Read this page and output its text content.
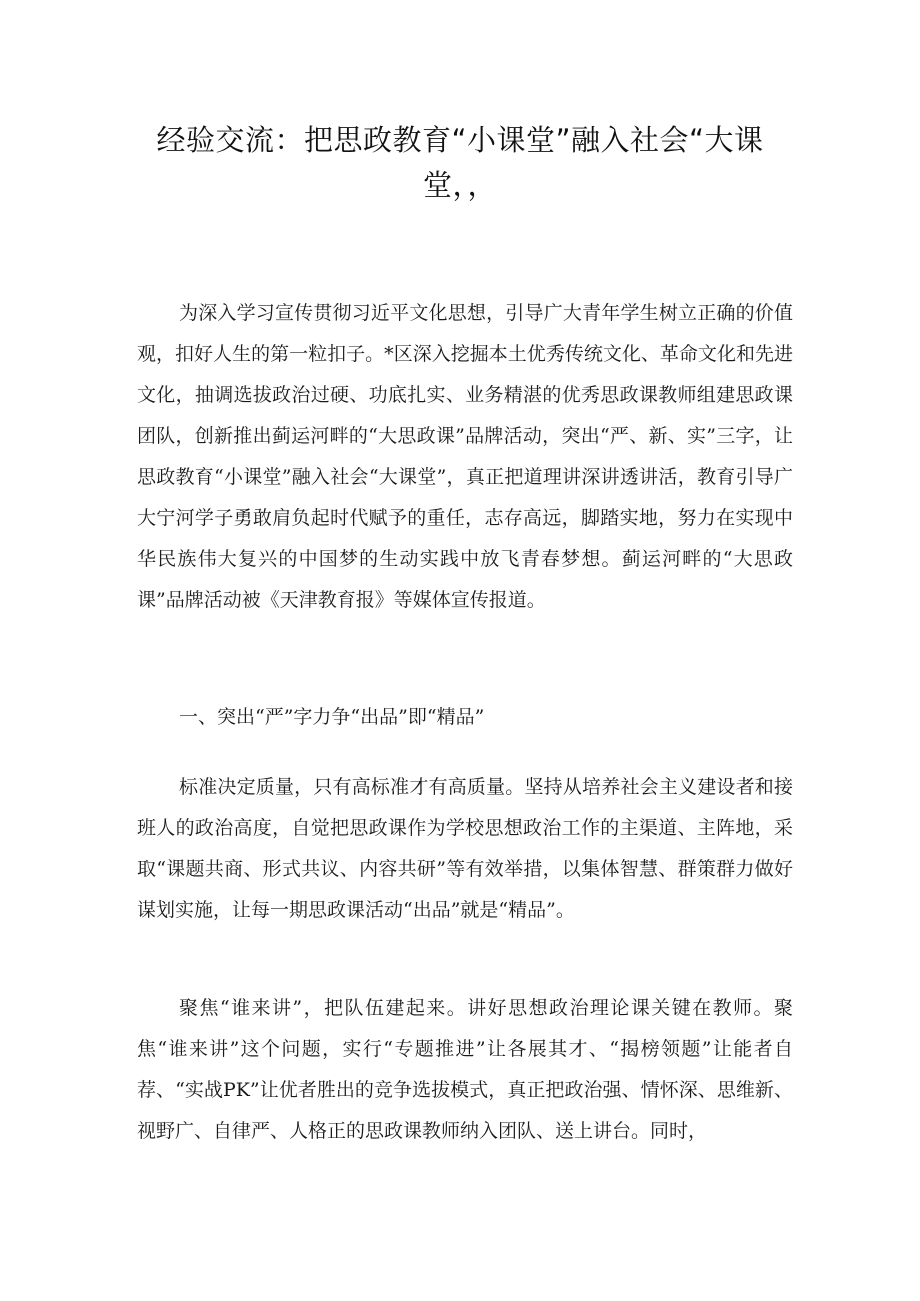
经验交流：把思政教育“小课堂”融入社会“大课堂，，

为深入学习宣传贯彻习近平文化思想，引导广大青年学生树立正确的价值观，扣好人生的第一粒扣子。*区深入挖掘本土优秀传统文化、革命文化和先进文化，抽调选拔政治过硬、功底扎实、业务精湛的优秀思政课教师组建思政课团队，创新推出蓟运河畔的“大思政课”品牌活动，突出“严、新、实”三字，让思政教育“小课堂”融入社会“大课堂”，真正把道理讲深讲透讲活，教育引导广大宁河学子勇敢肩负起时代赋予的重任，志存高远，脚踏实地，努力在实现中华民族伟大复兴的中国梦的生动实践中放飞青春梦想。蓟运河畔的“大思政课”品牌活动被《天津教育报》等媒体宣传报道。

一、突出“严”字力争“出品”即“精品”

标准决定质量，只有高标准才有高质量。坚持从培养社会主义建设者和接班人的政治高度，自觉把思政课作为学校思想政治工作的主渠道、主阵地，采取“课题共商、形式共议、内容共研”等有效举措，以集体智慧、群策群力做好谋划实施，让每一期思政课活动“出品”就是“精品”。

聚焦“谁来讲”，把队伍建起来。讲好思想政治理论课关键在教师。聚焦“谁来讲”这个问题，实行“专题推进”让各展其才、“揭榜领题”让能者自荐、“实战PK”让优者胜出的竞争选拔模式，真正把政治强、情怀深、思维新、视野广、自律严、人格正的思政课教师纳入团队、送上讲台。同时，
